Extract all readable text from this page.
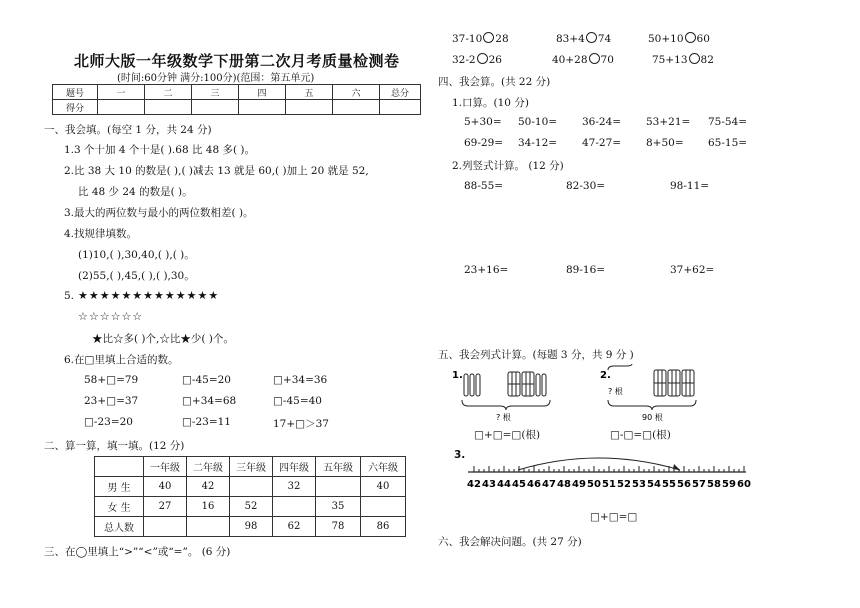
北师大版一年级数学下册第二次月考质量检测卷
(时间:60分钟 满分:100分)(范围：第五单元)
题号	一	二	三	四	五	六	总分
得分							
一、我会填。(每空 1 分，共 24 分)
1.3 个十加 4 个十是( ).68 比 48 多( )。
2.比 38 大 10 的数是( ),( )减去 13 就是 60,( )加上 20 就是 52,
比 48 少 24 的数是( )。
3.最大的两位数与最小的两位数相差( )。
4.找规律填数。
(1)10,( ),30,40,( ),( )。
(2)55,( ),45,( ),( ),30。
5. ★★★★★★★★★★★★★
☆☆☆☆☆☆
★比☆多( )个,☆比★少( )个。
6.在□里填上合适的数。
58+□=79	□-45=20	□+34=36
23+□=37	□+34=68	□-45=40
□-23=20	□-23=11	17+□＞37
二、算一算，填一填。(12 分)
	一年级	二年级	三年级	四年级	五年级	六年级
男 生	40	42		32		40
女 生	27	16	52		35	
总人数			98	62	78	86
三、在◯里填上“>”“<”或“=”。 (6 分)
37-10 28	83+4 74	50+10 60
32-2 26	40+28 70	75+13 82
四、我会算。(共 22 分)
1.口算。(10 分)
5+30= 50-10= 36-24= 53+21= 75-54=
69-29= 34-12= 47-27= 8+50= 65-15=
2.列竖式计算。 (12 分)
88-55=	82-30=	98-11=
23+16=	89-16=	37+62=
五、我会列式计算。(每题 3 分，共 9 分 )
1.
? 根
□+□=□(根)
2.
? 根
90 根
□-□=□(根)
3.
42 43 44 45 46 47 48 49 50 51 52 53 54 55 56 57 58 59 60
□+□=□
六、我会解决问题。(共 27 分)
